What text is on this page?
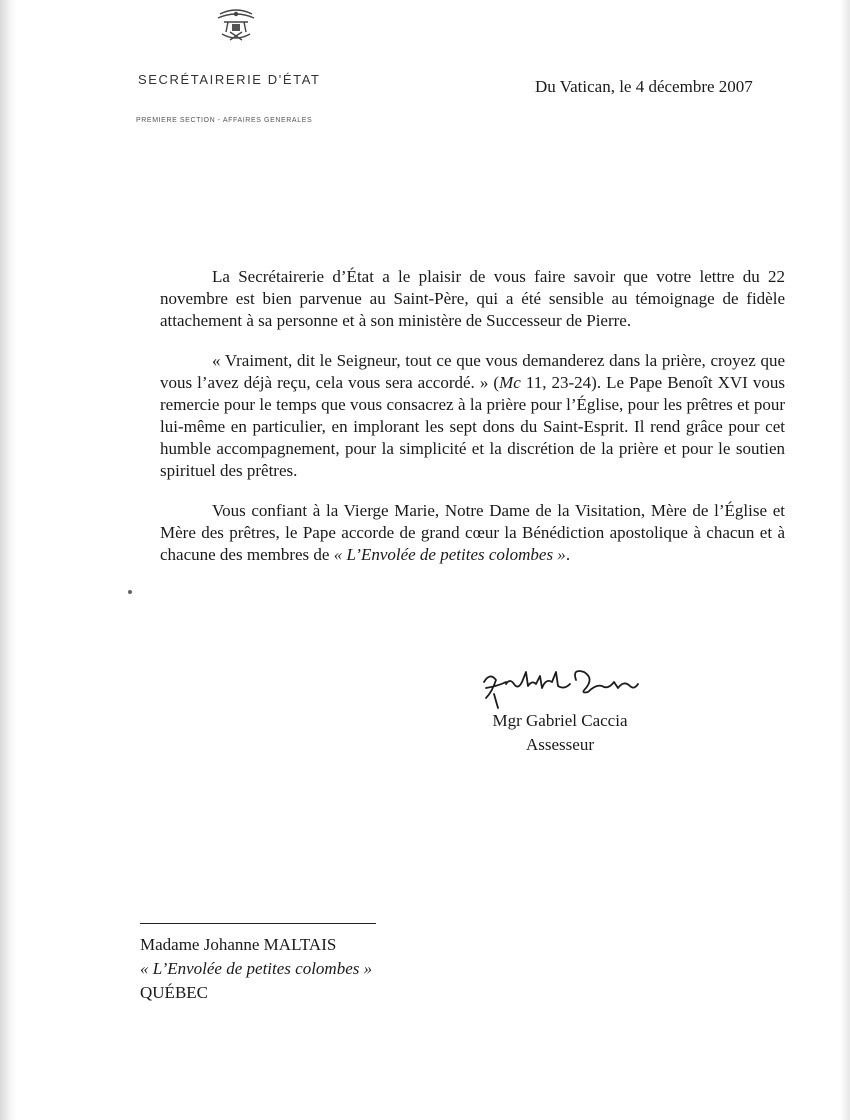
SECRÉTAIRERIE D'ÉTAT
PREMIERE SECTION - AFFAIRES GENERALES
Du Vatican, le 4 décembre 2007

La Secrétairerie d’État a le plaisir de vous faire savoir que votre lettre du 22 novembre est bien parvenue au Saint-Père, qui a été sensible au témoignage de fidèle attachement à sa personne et à son ministère de Successeur de Pierre.

« Vraiment, dit le Seigneur, tout ce que vous demanderez dans la prière, croyez que vous l’avez déjà reçu, cela vous sera accordé. » (Mc 11, 23-24). Le Pape Benoît XVI vous remercie pour le temps que vous consacrez à la prière pour l’Église, pour les prêtres et pour lui-même en particulier, en implorant les sept dons du Saint-Esprit. Il rend grâce pour cet humble accompagnement, pour la simplicité et la discrétion de la prière et pour le soutien spirituel des prêtres.

Vous confiant à la Vierge Marie, Notre Dame de la Visitation, Mère de l’Église et Mère des prêtres, le Pape accorde de grand cœur la Bénédiction apostolique à chacun et à chacune des membres de « L’Envolée de petites colombes ».

Mgr Gabriel Caccia
Assesseur
Madame Johanne MALTAIS
« L’Envolée de petites colombes »
QUÉBEC
